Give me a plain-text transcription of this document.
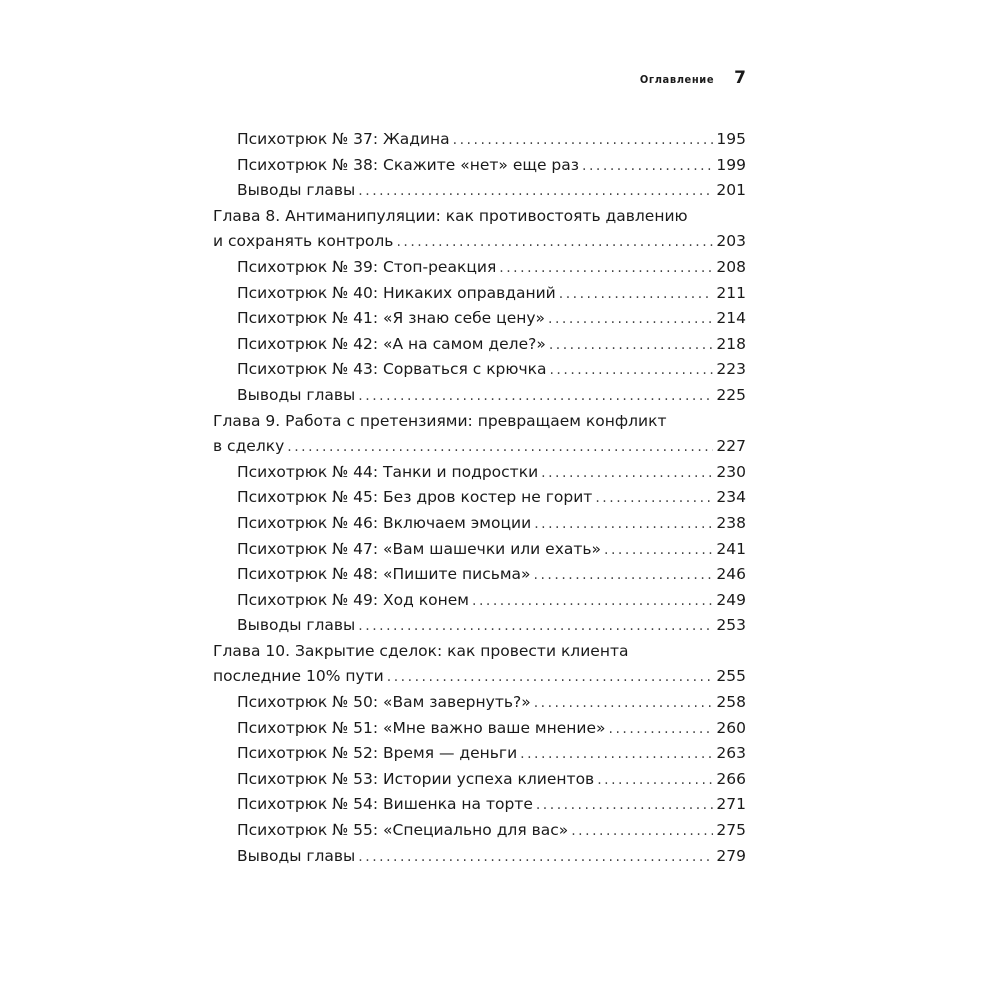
Оглавление 7
Психотрюк № 37: Жадина .....	195
Психотрюк № 38: Скажите «нет» еще раз .....	199
Выводы главы .....	201
Глава 8. Антиманипуляции: как противостоять давлению
и сохранять контроль .....	203
Психотрюк № 39: Стоп-реакция .....	208
Психотрюк № 40: Никаких оправданий .....	211
Психотрюк № 41: «Я знаю себе цену» .....	214
Психотрюк № 42: «А на самом деле?» .....	218
Психотрюк № 43: Сорваться с крючка .....	223
Выводы главы .....	225
Глава 9. Работа с претензиями: превращаем конфликт
в сделку .....	227
Психотрюк № 44: Танки и подростки .....	230
Психотрюк № 45: Без дров костер не горит .....	234
Психотрюк № 46: Включаем эмоции .....	238
Психотрюк № 47: «Вам шашечки или ехать» .....	241
Психотрюк № 48: «Пишите письма» .....	246
Психотрюк № 49: Ход конем .....	249
Выводы главы .....	253
Глава 10. Закрытие сделок: как провести клиента
последние 10% пути .....	255
Психотрюк № 50: «Вам завернуть?» .....	258
Психотрюк № 51: «Мне важно ваше мнение» .....	260
Психотрюк № 52: Время — деньги .....	263
Психотрюк № 53: Истории успеха клиентов .....	266
Психотрюк № 54: Вишенка на торте .....	271
Психотрюк № 55: «Специально для вас» .....	275
Выводы главы .....	279
